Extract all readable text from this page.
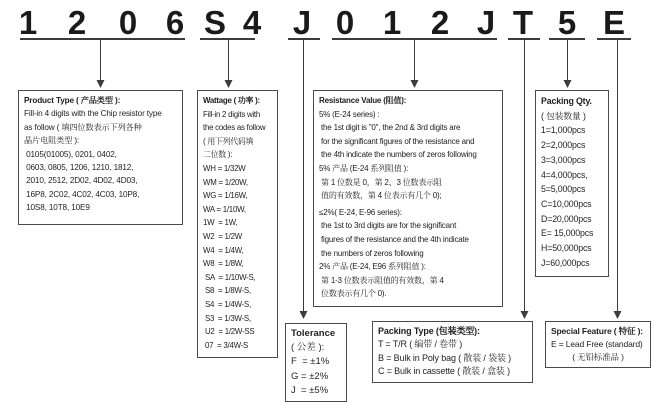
1 2 0 6 S 4 J 0 1 2 J T 5 E
Product Type ( 产品类型 ):
Fill-in 4 digits with the Chip resistor type
as follow ( 填四位数表示下列各种
晶片电阻类型 ):
0105(01005), 0201, 0402,
0603, 0805, 1206, 1210, 1812,
2010, 2512, 2D02, 4D02, 4D03,
16P8, 2C02, 4C02, 4C03, 10P8,
10S8, 10T8, 10E9
Wattage ( 功率 ):
Fill-in 2 digits with
the codes as follow
( 用下列代码填
二位数 ):
WH = 1/32W
WM = 1/20W,
WG = 1/16W,
WA = 1/10W,
1W  = 1W,
W2  = 1/2W
W4  = 1/4W,
W8  = 1/8W,
SA  = 1/10W-S,
S8  = 1/8W-S,
S4  = 1/4W-S,
S3  = 1/3W-S,
U2  = 1/2W-SS
07  = 3/4W-S
Resistance Value (阻值):
5% (E-24 series) :
the 1st digit is "0", the 2nd & 3rd digits are
for the significant figures of the resistance and
the 4th indicate the numbers of zeros following
5% 产品 (E-24 系列阻值 ):
第 1 位数是 0，第 2、3 位数表示阻
值的有效数，第 4 位表示有几个 0);
≤2%( E-24, E-96 series):
the 1st to 3rd digits are for the significant
figures of the resistance and the 4th indicate
the numbers of zeros following
2% 产品 (E-24, E96 系列阻值 ):
第 1-3 位数表示阻值的有效数，第 4
位数表示有几个 0).
Packing Qty.
( 包装数量 )
1=1,000pcs
2=2,000pcs
3=3,000pcs
4=4,000pcs,
5=5,000pcs
C=10,000pcs
D=20,000pcs
E= 15,000pcs
H=50,000pcs
J=60,000pcs
Tolerance
( 公差 ):
F  = ±1%
G = ±2%
J  = ±5%
Packing Type (包装类型):
T = T/R ( 编带 / 卷带 )
B = Bulk in Poly bag ( 散装 / 袋装 )
C = Bulk in cassette ( 散装 / 盒装 )
Special Feature ( 特征 ):
E = Lead Free (standard)
( 无铅标准品 )
